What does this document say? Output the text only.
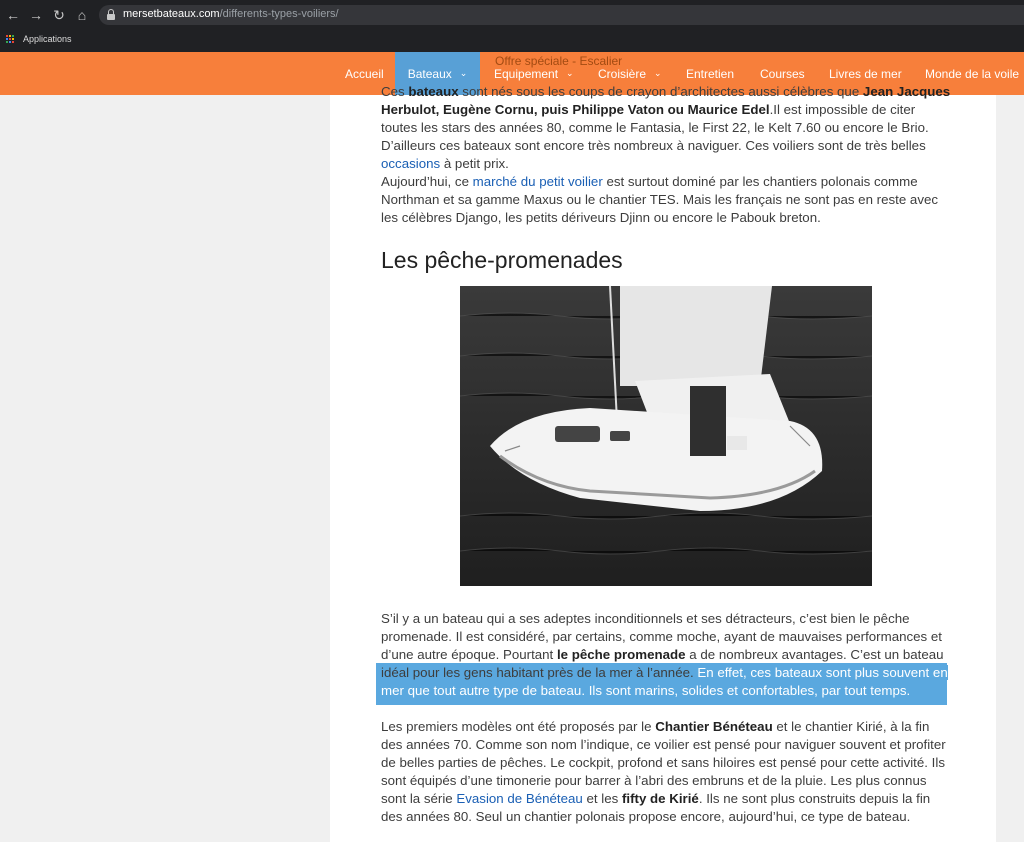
← → ↻ ⌂	mersetbateaux.com/differents-types-voiliers/
Applications
Accueil Bateaux ⌄ Equipement ⌄ Croisière ⌄ Entretien Courses Livres de mer Monde de la voile
Offre spéciale - Escalier

Ces bateaux sont nés sous les coups de crayon d’architectes aussi célèbres que Jean Jacques Herbulot, Eugène Cornu, puis Philippe Vaton ou Maurice Edel.Il est impossible de citer toutes les stars des années 80, comme le Fantasia, le First 22, le Kelt 7.60 ou encore le Brio. D’ailleurs ces bateaux sont encore très nombreux à naviguer. Ces voiliers sont de très belles occasions à petit prix.

Aujourd’hui, ce marché du petit voilier est surtout dominé par les chantiers polonais comme Northman et sa gamme Maxus ou le chantier TES. Mais les français ne sont pas en reste avec les célèbres Django, les petits dériveurs Djinn ou encore le Pabouk breton.

Les pêche-promenades

S’il y a un bateau qui a ses adeptes inconditionnels et ses détracteurs, c’est bien le pêche promenade. Il est considéré, par certains, comme moche, ayant de mauvaises performances et d’une autre époque. Pourtant le pêche promenade a de nombreux avantages. C’est un bateau idéal pour les gens habitant près de la mer à l’année. En effet, ces bateaux sont plus souvent en mer que tout autre type de bateau. Ils sont marins, solides et confortables, par tout temps.

Les premiers modèles ont été proposés par le Chantier Bénéteau et le chantier Kirié, à la fin des années 70. Comme son nom l’indique, ce voilier est pensé pour naviguer souvent et profiter de belles parties de pêches. Le cockpit, profond et sans hiloires est pensé pour cette activité. Ils sont équipés d’une timonerie pour barrer à l’abri des embruns et de la pluie. Les plus connus sont la série Evasion de Bénéteau et les fifty de Kirié. Ils ne sont plus construits depuis la fin des années 80. Seul un chantier polonais propose encore, aujourd’hui, ce type de bateau.
